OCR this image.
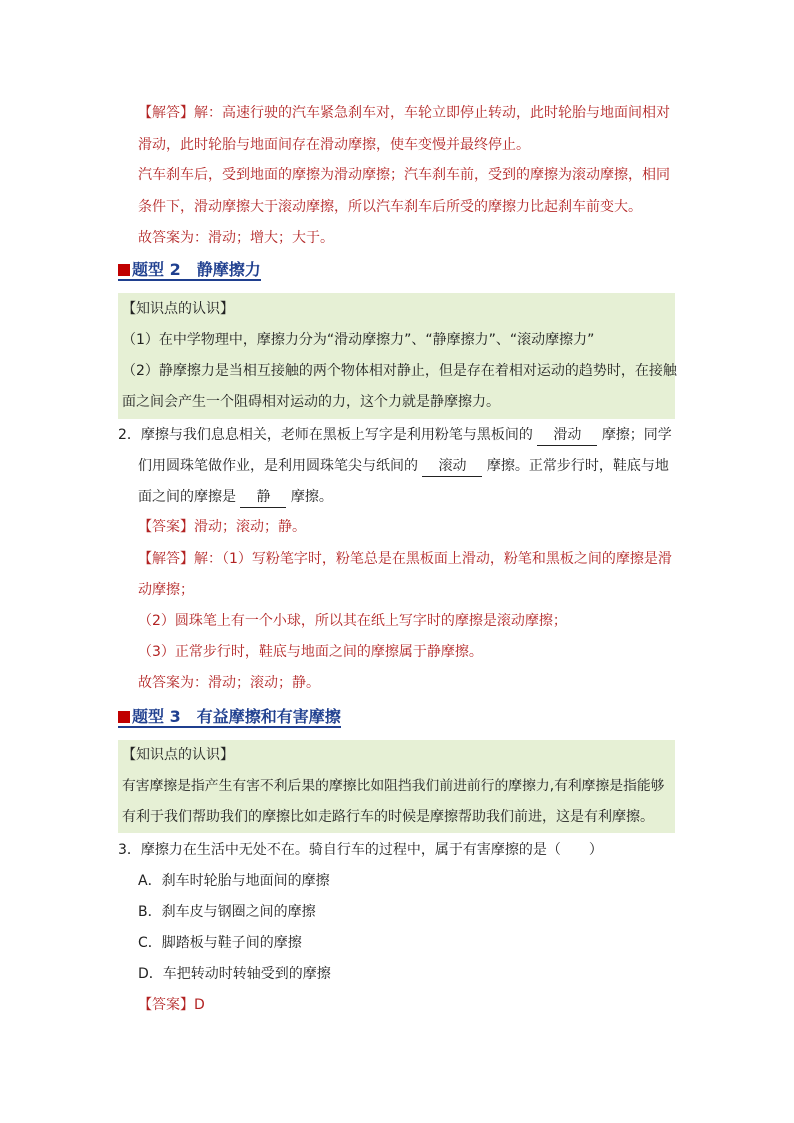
【解答】解：高速行驶的汽车紧急刹车对，车轮立即停止转动，此时轮胎与地面间相对
滑动，此时轮胎与地面间存在滑动摩擦，使车变慢并最终停止。
汽车刹车后，受到地面的摩擦为滑动摩擦；汽车刹车前，受到的摩擦为滚动摩擦，相同
条件下，滑动摩擦大于滚动摩擦，所以汽车刹车后所受的摩擦力比起刹车前变大。
故答案为：滑动；增大；大于。
题型 2　静摩擦力
【知识点的认识】
（1）在中学物理中，摩擦力分为“滑动摩擦力”、“静摩擦力”、“滚动摩擦力”
（2）静摩擦力是当相互接触的两个物体相对静止，但是存在着相对运动的趋势时，在接触
面之间会产生一个阻碍相对运动的力，这个力就是静摩擦力。
2．摩擦与我们息息相关，老师在黑板上写字是利用粉笔与黑板间的 滑动 摩擦；同学
们用圆珠笔做作业，是利用圆珠笔尖与纸间的 滚动 摩擦。正常步行时，鞋底与地
面之间的摩擦是 静 摩擦。
【答案】滑动；滚动；静。
【解答】解：（1）写粉笔字时，粉笔总是在黑板面上滑动，粉笔和黑板之间的摩擦是滑
动摩擦；
（2）圆珠笔上有一个小球，所以其在纸上写字时的摩擦是滚动摩擦；
（3）正常步行时，鞋底与地面之间的摩擦属于静摩擦。
故答案为：滑动；滚动；静。
题型 3　有益摩擦和有害摩擦
【知识点的认识】
有害摩擦是指产生有害不利后果的摩擦比如阻挡我们前进前行的摩擦力,有利摩擦是指能够
有利于我们帮助我们的摩擦比如走路行车的时候是摩擦帮助我们前进，这是有利摩擦。
3．摩擦力在生活中无处不在。骑自行车的过程中，属于有害摩擦的是（　　）
A．刹车时轮胎与地面间的摩擦
B．刹车皮与钢圈之间的摩擦
C．脚踏板与鞋子间的摩擦
D．车把转动时转轴受到的摩擦
【答案】D
